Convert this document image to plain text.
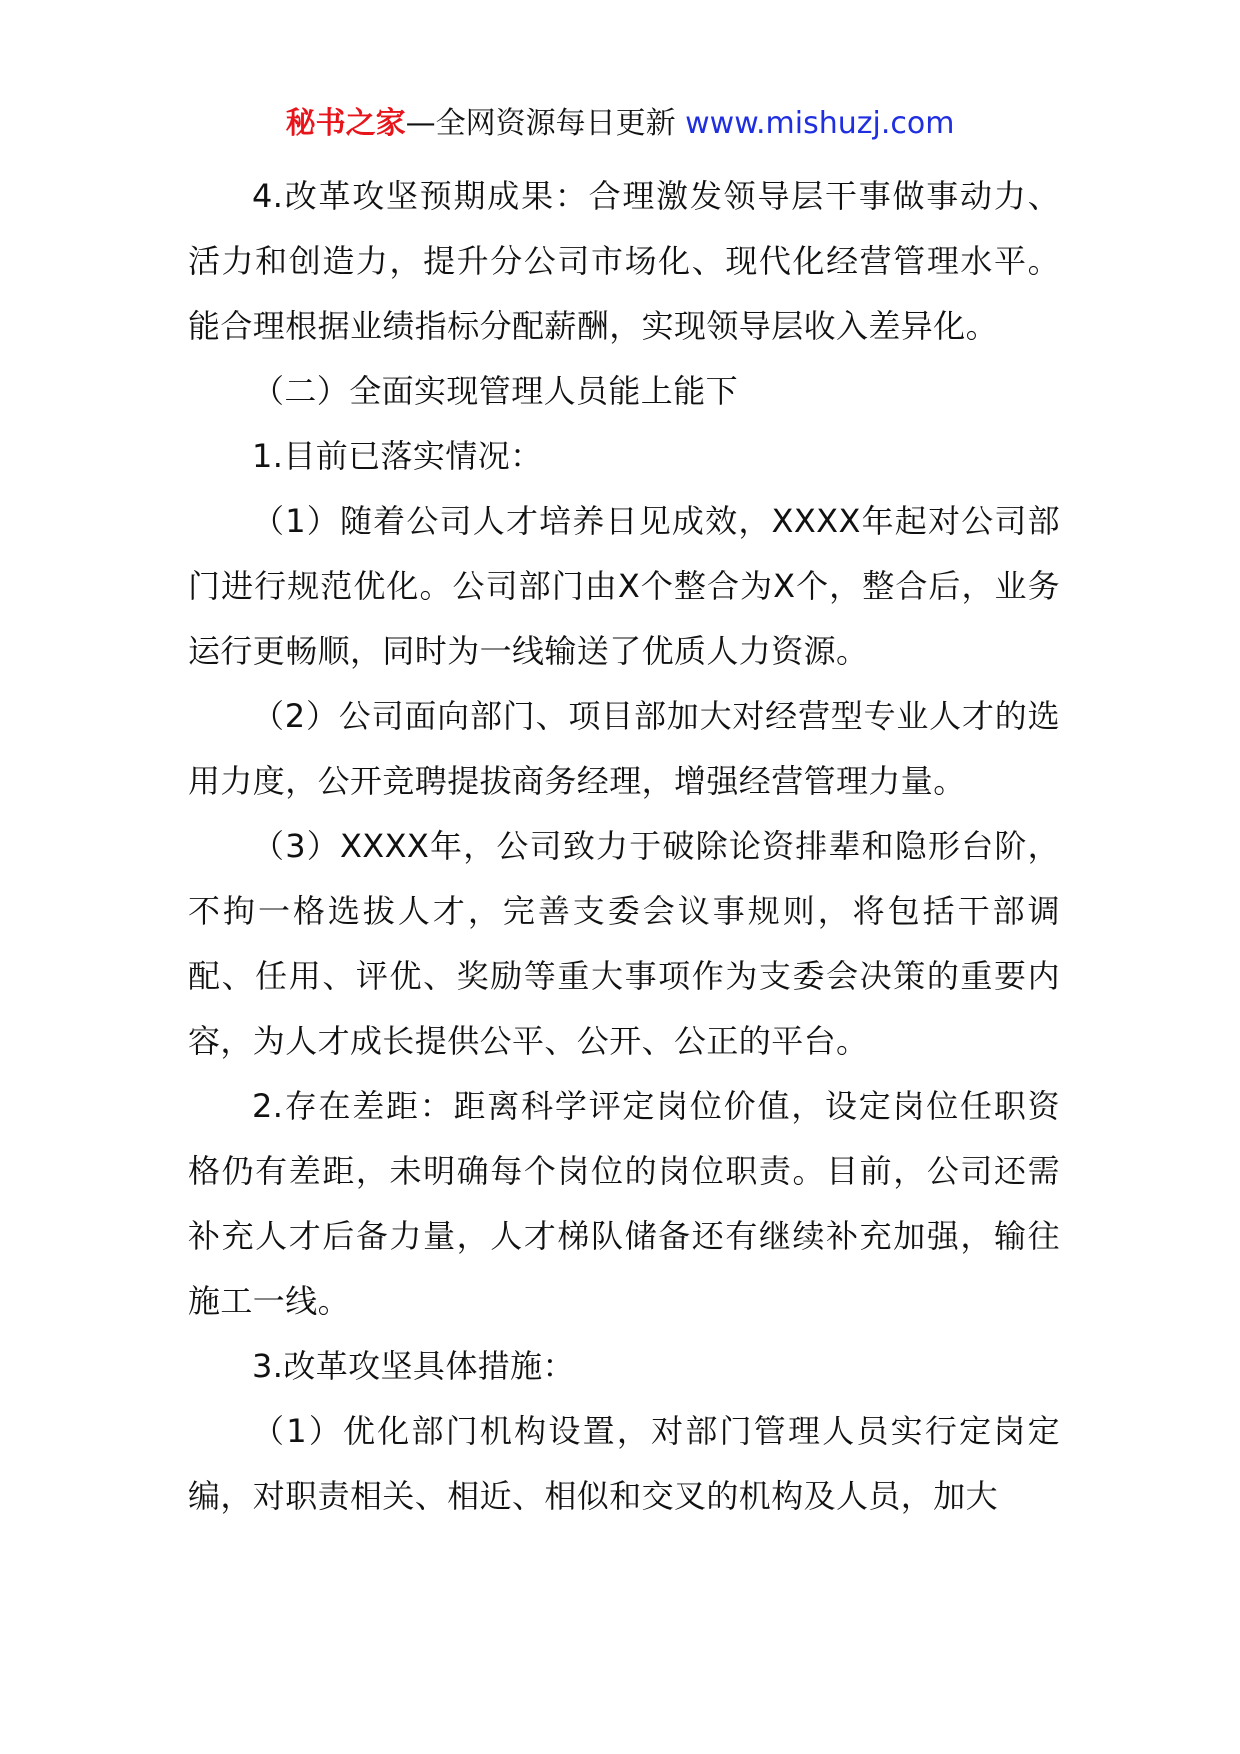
秘书之家—全网资源每日更新 www.mishuzj.com

4.改革攻坚预期成果：合理激发领导层干事做事动力、活力和创造力，提升分公司市场化、现代化经营管理水平。能合理根据业绩指标分配薪酬，实现领导层收入差异化。

（二）全面实现管理人员能上能下

1.目前已落实情况：

（1）随着公司人才培养日见成效，XXXX年起对公司部门进行规范优化。公司部门由X个整合为X个，整合后，业务运行更畅顺，同时为一线输送了优质人力资源。

（2）公司面向部门、项目部加大对经营型专业人才的选用力度，公开竞聘提拔商务经理，增强经营管理力量。

（3）XXXX年，公司致力于破除论资排辈和隐形台阶，不拘一格选拔人才，完善支委会议事规则，将包括干部调配、任用、评优、奖励等重大事项作为支委会决策的重要内容，为人才成长提供公平、公开、公正的平台。

2.存在差距：距离科学评定岗位价值，设定岗位任职资格仍有差距，未明确每个岗位的岗位职责。目前，公司还需补充人才后备力量，人才梯队储备还有继续补充加强，输往施工一线。

3.改革攻坚具体措施：

（1）优化部门机构设置，对部门管理人员实行定岗定编，对职责相关、相近、相似和交叉的机构及人员，加大
